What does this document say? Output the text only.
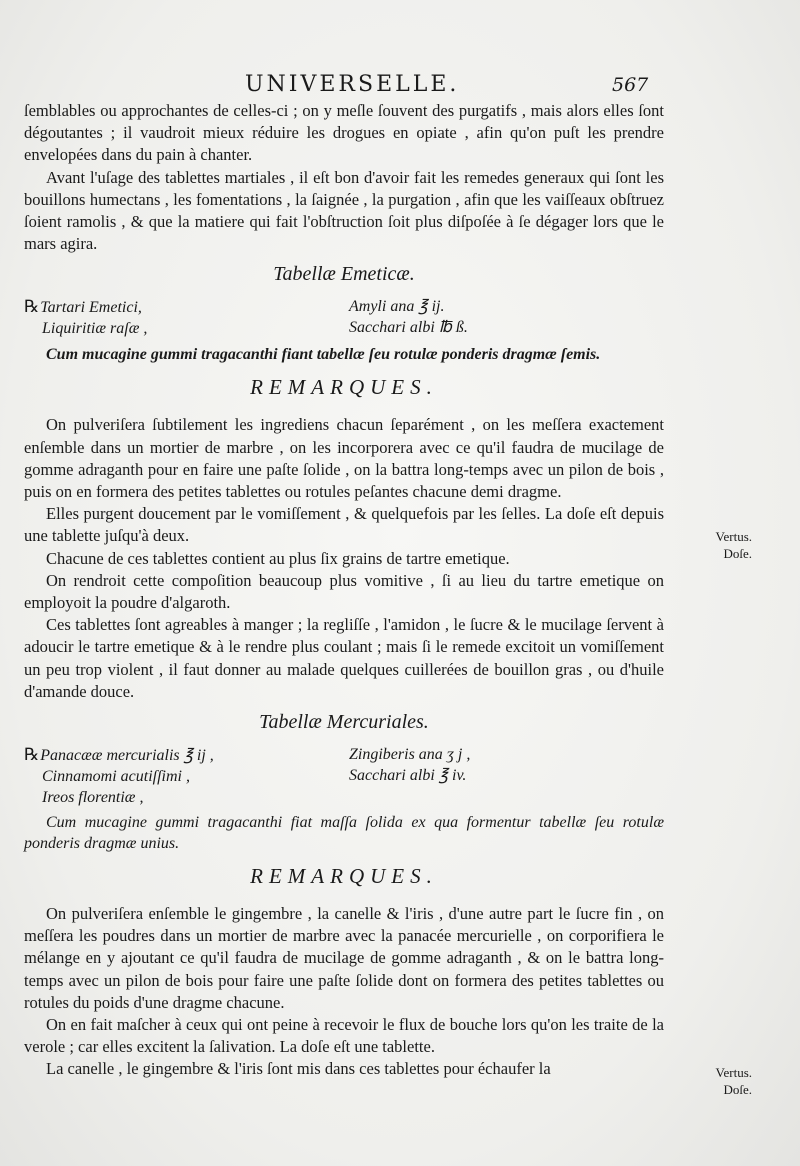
UNIVERSELLE.	567

ſemblables ou approchantes de celles-ci ; on y meſle ſouvent des purgatifs , mais alors elles ſont dégoutantes ; il vaudroit mieux réduire les drogues en opiate , afin qu'on puſt les prendre envelopées dans du pain à chanter.

Avant l'uſage des tablettes martiales , il eſt bon d'avoir fait les remedes generaux qui ſont les bouillons humectans , les fomentations , la ſaignée , la purgation , afin que les vaiſſeaux obſtruez ſoient ramolis , & que la matiere qui fait l'obſtruction ſoit plus diſpoſée à ſe dégager lors que le mars agira.

Tabellæ Emeticæ.
℞Tartari Emetici,
Liquiritiæ raſæ ,
Amyli ana ℥ ij.
Sacchari albi ℔ ß.

Cum mucagine gummi tragacanthi fiant tabellæ ſeu rotulæ ponderis dragmæ ſemis.

REMARQUES.

On pulveriſera ſubtilement les ingrediens chacun ſeparément , on les meſſera exactement enſemble dans un mortier de marbre , on les incorporera avec ce qu'il faudra de mucilage de gomme adraganth pour en faire une paſte ſolide , on la battra long-temps avec un pilon de bois , puis on en formera des petites tablettes ou rotules peſantes chacune demi dragme.

Elles purgent doucement par le vomiſſement , & quelquefois par les ſelles. La doſe eſt depuis une tablette juſqu'à deux.

Chacune de ces tablettes contient au plus ſix grains de tartre emetique.

On rendroit cette compoſition beaucoup plus vomitive , ſi au lieu du tartre emetique on employoit la poudre d'algaroth.

Ces tablettes ſont agreables à manger ; la regliſſe , l'amidon , le ſucre & le mucilage ſervent à adoucir le tartre emetique & à le rendre plus coulant ; mais ſi le remede excitoit un vomiſſement un peu trop violent , il faut donner au malade quelques cuillerées de bouillon gras , ou d'huile d'amande douce.

Tabellæ Mercuriales.
℞Panacææ mercurialis ℥ ij ,
Cinnamomi acutiſſimi ,
Ireos florentiæ ,
Zingiberis ana ʒ j ,
Sacchari albi ℥ iv.

Cum mucagine gummi tragacanthi fiat maſſa ſolida ex qua formentur tabellæ ſeu rotulæ ponderis dragmæ unius.

REMARQUES.

On pulveriſera enſemble le gingembre , la canelle & l'iris , d'une autre part le ſucre fin , on meſſera les poudres dans un mortier de marbre avec la panacée mercurielle , on corporifiera le mélange en y ajoutant ce qu'il faudra de mucilage de gomme adraganth , & on le battra long-temps avec un pilon de bois pour faire une paſte ſolide dont on formera des petites tablettes ou rotules du poids d'une dragme chacune.

On en fait maſcher à ceux qui ont peine à recevoir le flux de bouche lors qu'on les traite de la verole ; car elles excitent la ſalivation. La doſe eſt une tablette.

La canelle , le gingembre & l'iris ſont mis dans ces tablettes pour échaufer la

Vertus.
Doſe.
Vertus.
Doſe.
